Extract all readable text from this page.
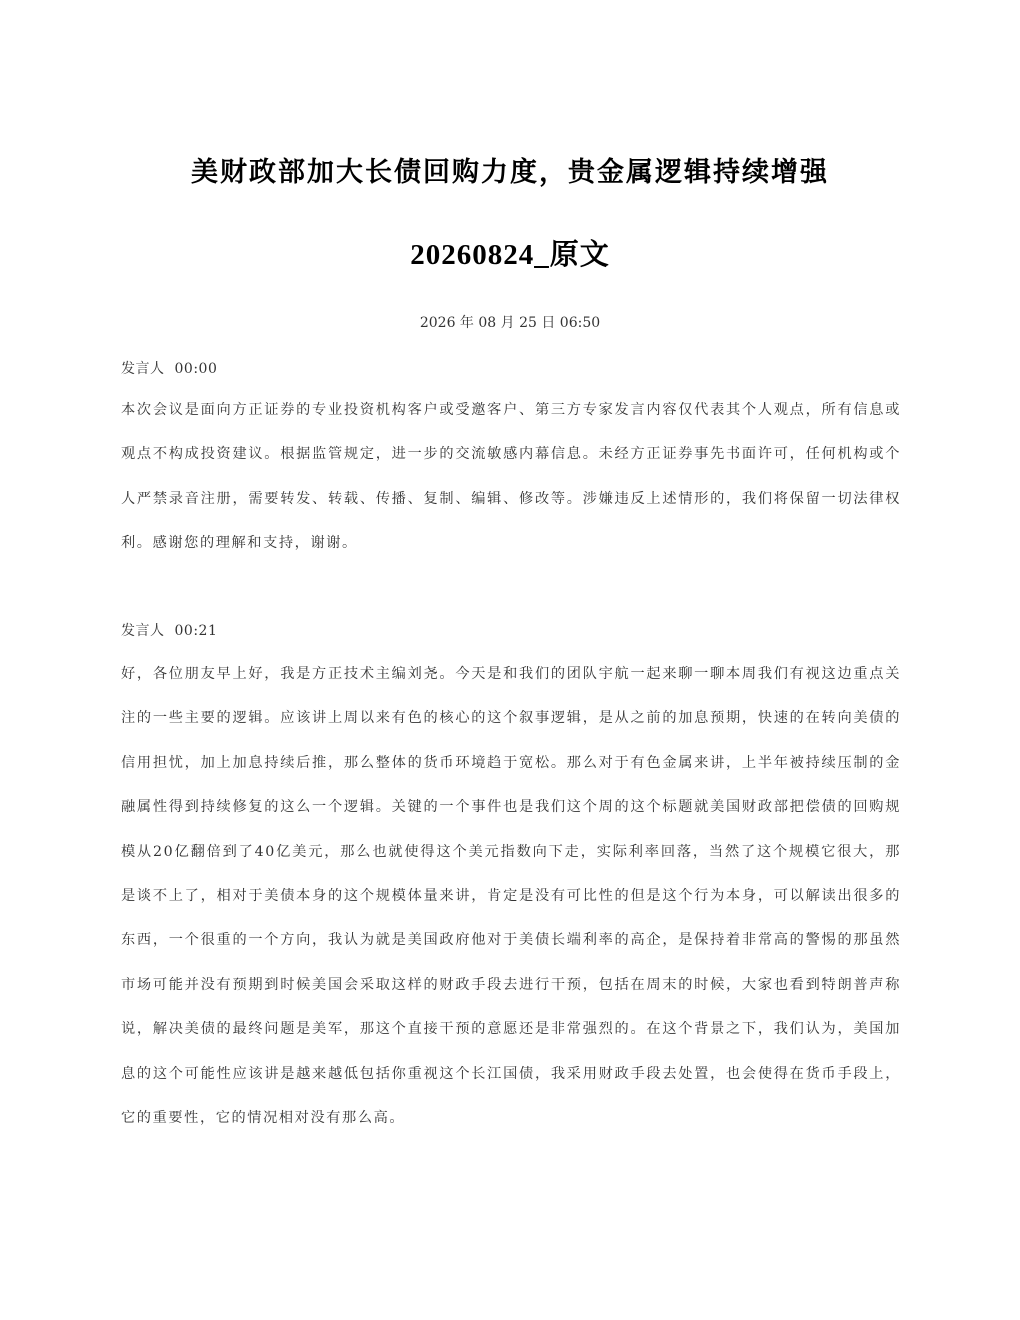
美财政部加大长债回购力度，贵金属逻辑持续增强
20260824_原文
2026 年 08 月 25 日 06:50
发言人 00:00

本次会议是面向方正证券的专业投资机构客户或受邀客户、第三方专家发言内容仅代表其个人观点，所有信息或观点不构成投资建议。根据监管规定，进一步的交流敏感内幕信息。未经方正证券事先书面许可，任何机构或个人严禁录音注册，需要转发、转载、传播、复制、编辑、修改等。涉嫌违反上述情形的，我们将保留一切法律权利。感谢您的理解和支持，谢谢。

发言人 00:21

好，各位朋友早上好，我是方正技术主编刘尧。今天是和我们的团队宇航一起来聊一聊本周我们有视这边重点关注的一些主要的逻辑。应该讲上周以来有色的核心的这个叙事逻辑，是从之前的加息预期，快速的在转向美债的信用担忧，加上加息持续后推，那么整体的货币环境趋于宽松。那么对于有色金属来讲，上半年被持续压制的金融属性得到持续修复的这么一个逻辑。关键的一个事件也是我们这个周的这个标题就美国财政部把偿债的回购规模从20亿翻倍到了40亿美元，那么也就使得这个美元指数向下走，实际利率回落，当然了这个规模它很大，那是谈不上了，相对于美债本身的这个规模体量来讲，肯定是没有可比性的但是这个行为本身，可以解读出很多的东西，一个很重的一个方向，我认为就是美国政府他对于美债长端利率的高企，是保持着非常高的警惕的那虽然市场可能并没有预期到时候美国会采取这样的财政手段去进行干预，包括在周末的时候，大家也看到特朗普声称说，解决美债的最终问题是美军，那这个直接干预的意愿还是非常强烈的。在这个背景之下，我们认为，美国加息的这个可能性应该讲是越来越低包括你重视这个长江国债，我采用财政手段去处置，也会使得在货币手段上，它的重要性，它的情况相对没有那么高。
